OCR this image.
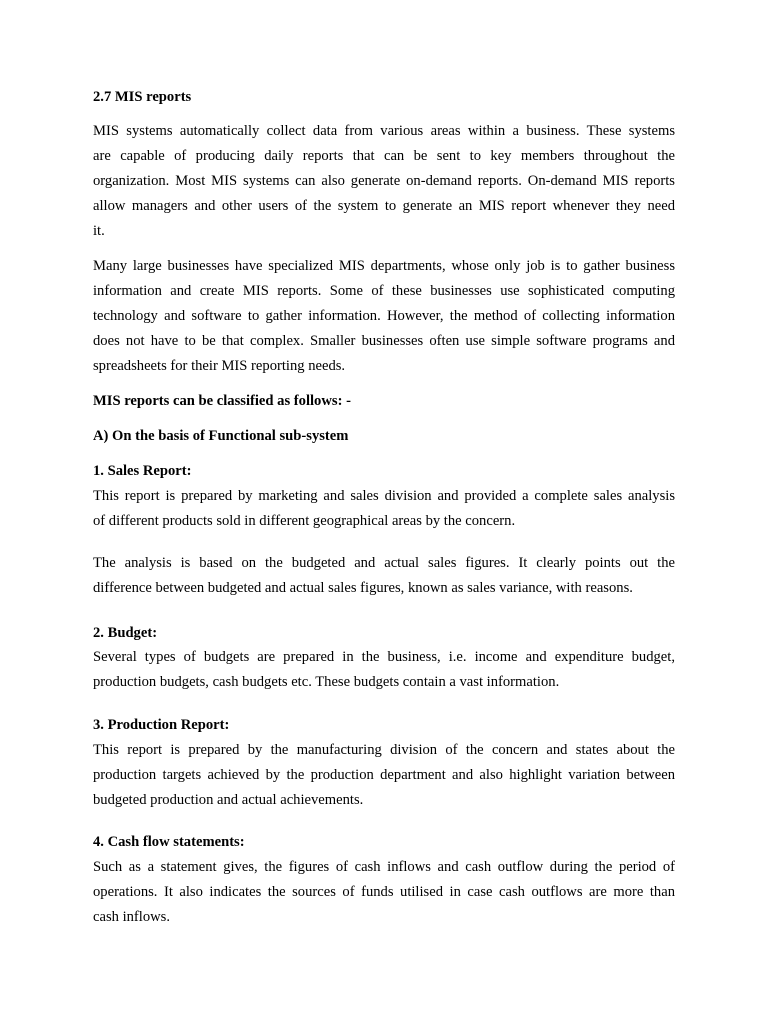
2.7 MIS reports
MIS systems automatically collect data from various areas within a business. These systems
are capable of producing daily reports that can be sent to key members throughout the
organization. Most MIS systems can also generate on-demand reports. On-demand MIS reports
allow managers and other users of the system to generate an MIS report whenever they need
it.
Many large businesses have specialized MIS departments, whose only job is to gather business
information and create MIS reports. Some of these businesses use sophisticated computing
technology and software to gather information. However, the method of collecting information
does not have to be that complex. Smaller businesses often use simple software programs and
spreadsheets for their MIS reporting needs.
MIS reports can be classified as follows: -
A) On the basis of Functional sub-system
1. Sales Report:
This report is prepared by marketing and sales division and provided a complete sales analysis
of different products sold in different geographical areas by the concern.
The analysis is based on the budgeted and actual sales figures. It clearly points out the
difference between budgeted and actual sales figures, known as sales variance, with reasons.
2. Budget:
Several types of budgets are prepared in the business, i.e. income and expenditure budget,
production budgets, cash budgets etc. These budgets contain a vast information.
3. Production Report:
This report is prepared by the manufacturing division of the concern and states about the
production targets achieved by the production department and also highlight variation between
budgeted production and actual achievements.
4. Cash flow statements:
Such as a statement gives, the figures of cash inflows and cash outflow during the period of
operations. It also indicates the sources of funds utilised in case cash outflows are more than
cash inflows.
